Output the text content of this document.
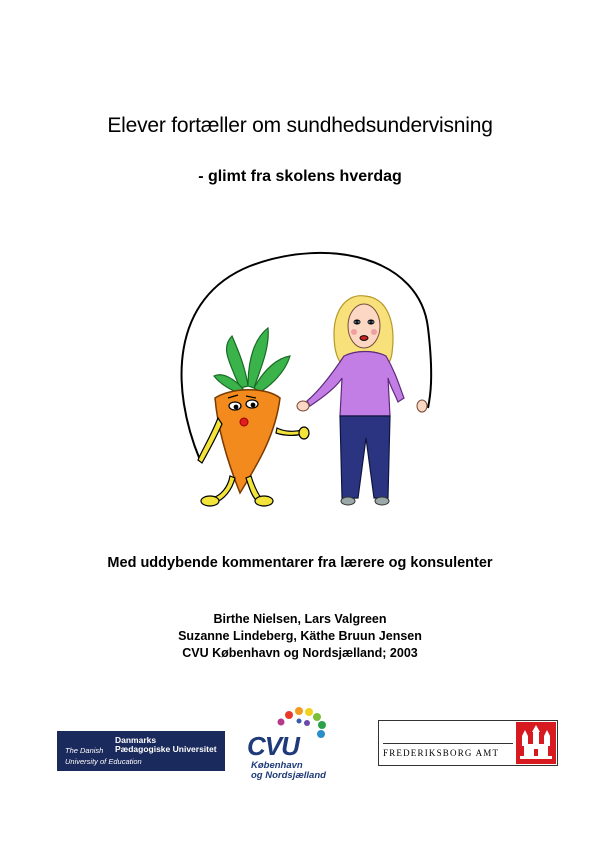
Elever fortæller om sundhedsundervisning
- glimt fra skolens hverdag

Med uddybende kommentarer fra lærere og konsulenter

Birthe Nielsen, Lars Valgreen
Suzanne Lindeberg, Käthe Bruun Jensen
CVU København og Nordsjælland; 2003
Danmarks
The Danish Pædagogiske Universitet
University of Education
CVU
København
og Nordsjælland
FREDERIKSBORG AMT
